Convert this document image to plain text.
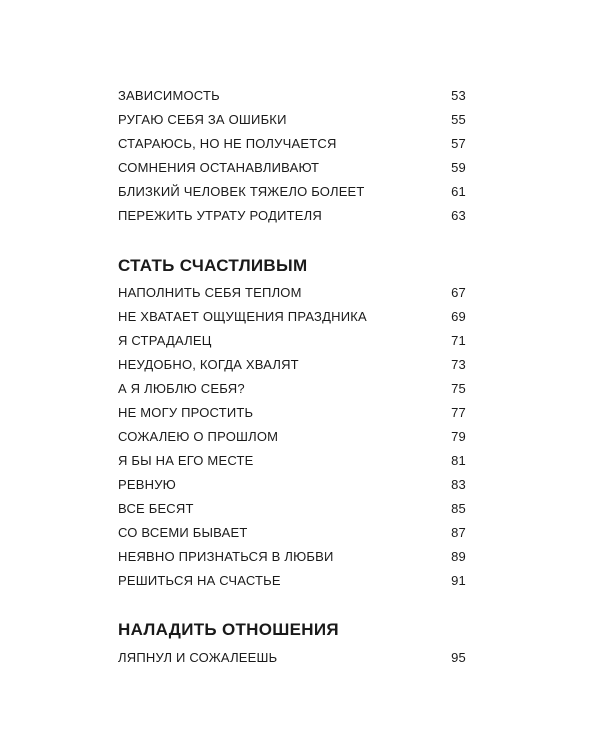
ЗАВИСИМОСТЬ	53
РУГАЮ СЕБЯ ЗА ОШИБКИ	55
СТАРАЮСЬ, НО НЕ ПОЛУЧАЕТСЯ	57
СОМНЕНИЯ ОСТАНАВЛИВАЮТ	59
БЛИЗКИЙ ЧЕЛОВЕК ТЯЖЕЛО БОЛЕЕТ	61
ПЕРЕЖИТЬ УТРАТУ РОДИТЕЛЯ	63
СТАТЬ СЧАСТЛИВЫМ
НАПОЛНИТЬ СЕБЯ ТЕПЛОМ	67
НЕ ХВАТАЕТ ОЩУЩЕНИЯ ПРАЗДНИКА	69
Я СТРАДАЛЕЦ	71
НЕУДОБНО, КОГДА ХВАЛЯТ	73
А Я ЛЮБЛЮ СЕБЯ?	75
НЕ МОГУ ПРОСТИТЬ	77
СОЖАЛЕЮ О ПРОШЛОМ	79
Я БЫ НА ЕГО МЕСТЕ	81
РЕВНУЮ	83
ВСЕ БЕСЯТ	85
СО ВСЕМИ БЫВАЕТ	87
НЕЯВНО ПРИЗНАТЬСЯ В ЛЮБВИ	89
РЕШИТЬСЯ НА СЧАСТЬЕ	91
НАЛАДИТЬ ОТНОШЕНИЯ
ЛЯПНУЛ И СОЖАЛЕЕШЬ	95
